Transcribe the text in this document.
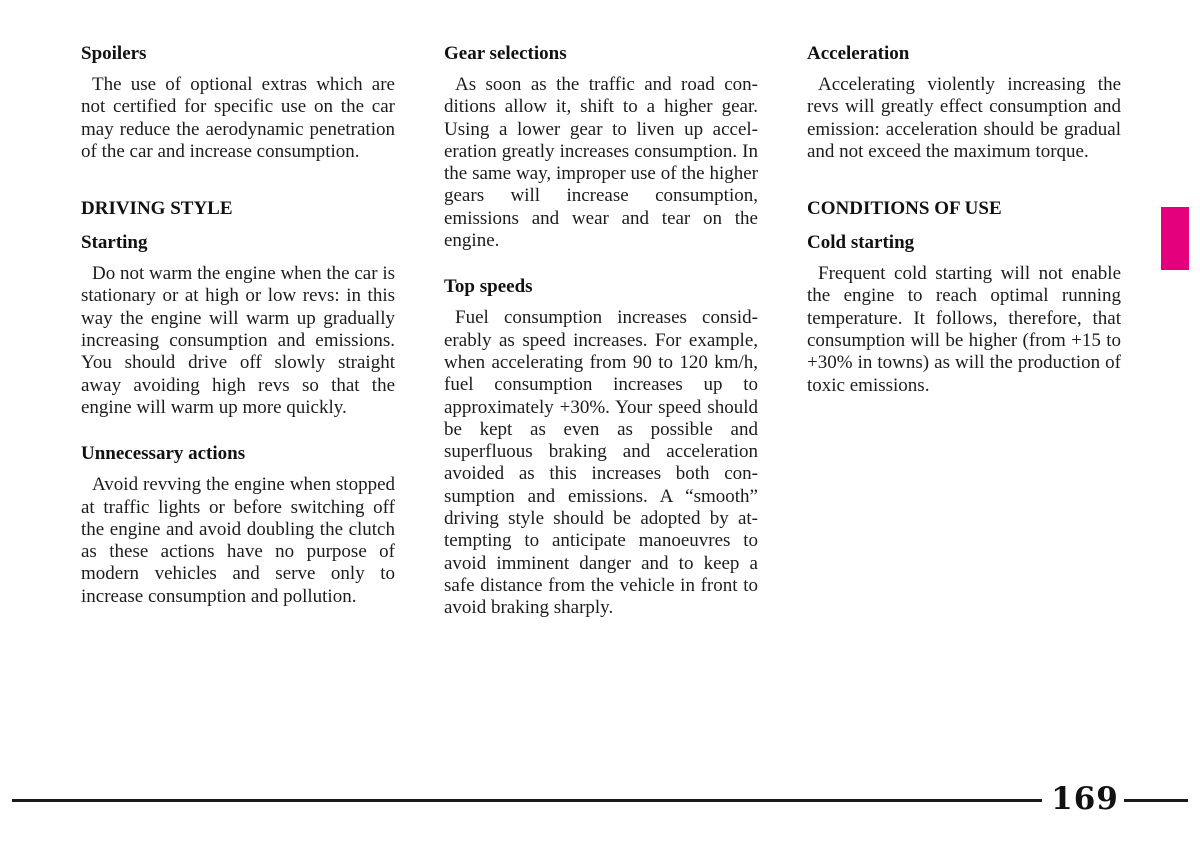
Spoilers

The use of optional extras which are not certified for specific use on the car may reduce the aerodynamic penetration of the car and increase consumption.

DRIVING STYLE
Starting

Do not warm the engine when the car is stationary or at high or low revs: in this way the engine will warm up gradually increasing consumption and emissions. You should drive off slowly straight away avoiding high revs so that the engine will warm up more quickly.

Unnecessary actions

Avoid revving the engine when stopped at traffic lights or before switching off the engine and avoid doubling the clutch as these actions have no purpose of modern vehicles and serve only to increase consumption and pollution.

Gear selections

As soon as the traffic and road conditions allow it, shift to a higher gear. Using a lower gear to liven up acceleration greatly increases consumption. In the same way, improper use of the higher gears will increase consumption, emissions and wear and tear on the engine.

Top speeds

Fuel consumption increases considerably as speed increases. For example, when accelerating from 90 to 120 km/h, fuel consumption increases up to approximately +30%. Your speed should be kept as even as possible and superfluous braking and acceleration avoided as this increases both consumption and emissions. A “smooth” driving style should be adopted by attempting to anticipate manoeuvres to avoid imminent danger and to keep a safe distance from the vehicle in front to avoid braking sharply.

Acceleration

Accelerating violently increasing the revs will greatly effect consumption and emission: acceleration should be gradual and not exceed the maximum torque.

CONDITIONS OF USE
Cold starting

Frequent cold starting will not enable the engine to reach optimal running temperature. It follows, therefore, that consumption will be higher (from +15 to +30% in towns) as will the production of toxic emissions.

169
